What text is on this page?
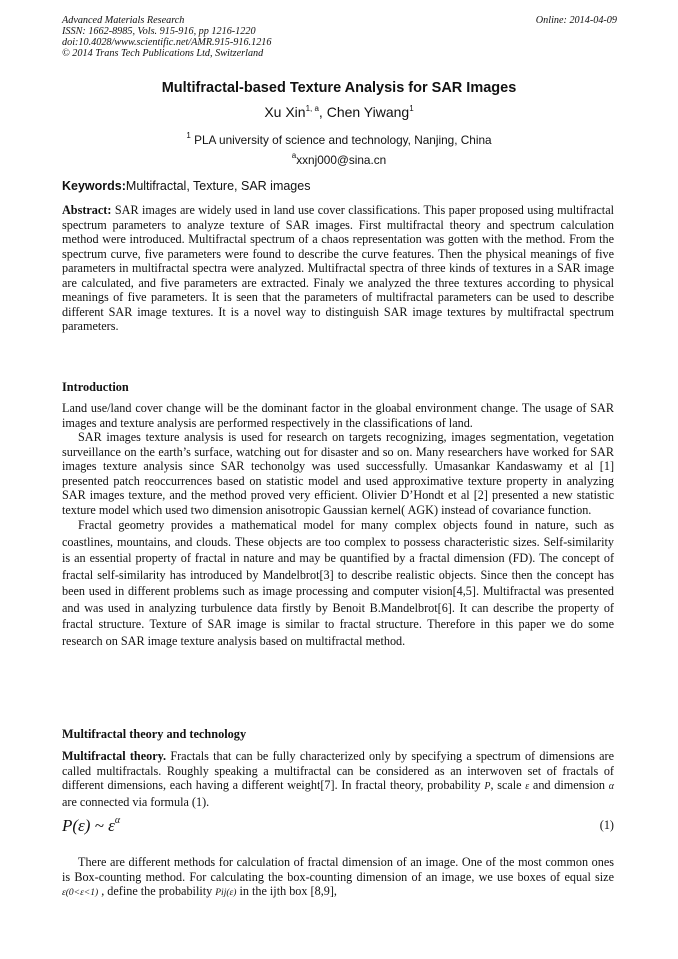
Advanced Materials Research
ISSN: 1662-8985, Vols. 915-916, pp 1216-1220
doi:10.4028/www.scientific.net/AMR.915-916.1216
© 2014 Trans Tech Publications Ltd, Switzerland
Online: 2014-04-09
Multifractal-based Texture Analysis for SAR Images
Xu Xin$^{1, a}$, Chen Yiwang$^1$
$^1$ PLA university of science and technology, Nanjing, China
$^a$xxnj000@sina.cn
Keywords:Multifractal, Texture, SAR images
Abstract: SAR images are widely used in land use cover classifications. This paper proposed using multifractal spectrum parameters to analyze texture of SAR images. First multifractal theory and spectrum calculation method were introduced. Multifractal spectrum of a chaos representation was gotten with the method. From the spectrum curve, five parameters were found to describe the curve features. Then the physical meanings of five parameters in multifractal spectra were analyzed. Multifractal spectra of three kinds of textures in a SAR image are calculated, and five parameters are extracted. Finaly we analyzed the three textures according to physical meanings of five parameters. It is seen that the parameters of multifractal parameters can be used to describe different SAR image textures. It is a novel way to distinguish SAR image textures by multifractal spectrum parameters.
Introduction

Land use/land cover change will be the dominant factor in the gloabal environment change. The usage of SAR images and texture analysis are performed respectively in the classifications of land.

SAR images texture analysis is used for research on targets recognizing, images segmentation, vegetation surveillance on the earth’s surface, watching out for disaster and so on. Many researchers have worked for SAR images texture analysis since SAR techonolgy was used successfully. Umasankar Kandaswamy et al [1] presented patch reoccurrences based on statistic model and used approximative texture property in analyzing SAR images texture, and the method proved very efficient. Olivier D’Hondt et al [2] presented a new statistic texture model which used two dimension anisotropic Gaussian kernel( AGK) instead of covariance function.

Fractal geometry provides a mathematical model for many complex objects found in nature, such as coastlines, mountains, and clouds. These objects are too complex to possess characteristic sizes. Self-similarity is an essential property of fractal in nature and may be quantified by a fractal dimension (FD). The concept of fractal self-similarity has introduced by Mandelbrot[3] to describe realistic objects. Since then the concept has been used in different problems such as image processing and computer vision[4,5]. Multifractal was presented and was used in analyzing turbulence data firstly by Benoit B.Mandelbrot[6]. It can describe the property of fractal structure. Texture of SAR image is similar to fractal structure. Therefore in this paper we do some research on SAR image texture analysis based on multifractal method.

Multifractal theory and technology
Multifractal theory. Fractals that can be fully characterized only by specifying a spectrum of dimensions are called multifractals. Roughly speaking a multifractal can be considered as an interwoven set of fractals of different dimensions, each having a different weight[7]. In fractal theory, probability P, scale ε and dimension α are connected via formula (1).
P(ε) ~ $\varepsilon^\alpha$	(1)

There are different methods for calculation of fractal dimension of an image. One of the most common ones is Box-counting method. For calculating the box-counting dimension of an image, we use boxes of equal size ε(0<ε<1) , define the probability Pij(ε) in the ijth box [8,9],
